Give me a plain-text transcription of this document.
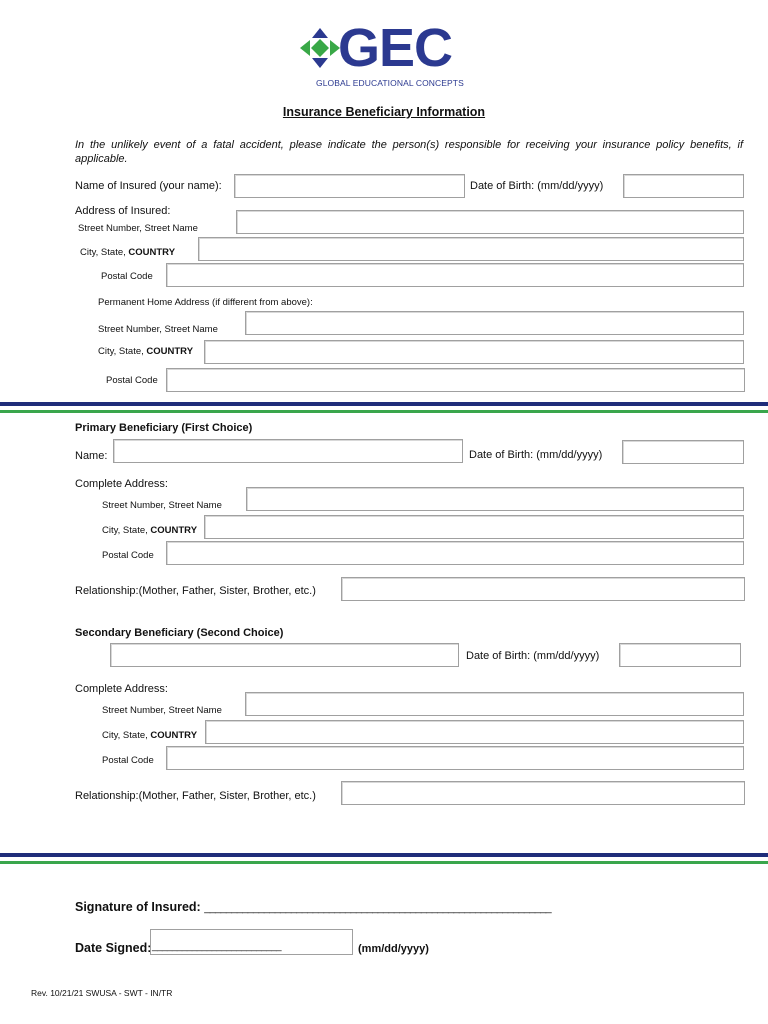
GEC
GLOBAL EDUCATIONAL CONCEPTS
Insurance Beneficiary Information
In the unlikely event of a fatal accident, please indicate the person(s) responsible for receiving your insurance policy benefits, if applicable.
Name of Insured (your name):	Date of Birth: (mm/dd/yyyy)
Address of Insured:
Street Number, Street Name
City, State, COUNTRY
Postal Code
Permanent Home Address (if different from above):
Street Number, Street Name
City, State, COUNTRY
Postal Code
Primary Beneficiary (First Choice)
Name:	Date of Birth: (mm/dd/yyyy)
Complete Address:
Street Number, Street Name
City, State, COUNTRY
Postal Code
Relationship:(Mother, Father, Sister, Brother, etc.)
Secondary Beneficiary (Second Choice)
Date of Birth: (mm/dd/yyyy)
Complete Address:
Street Number, Street Name
City, State, COUNTRY
Postal Code
Relationship:(Mother, Father, Sister, Brother, etc.)
Signature of Insured: ________________________________________________________________
Date Signed: __________________________	(mm/dd/yyyy)
Rev. 10/21/21 SWUSA - SWT - IN/TR
